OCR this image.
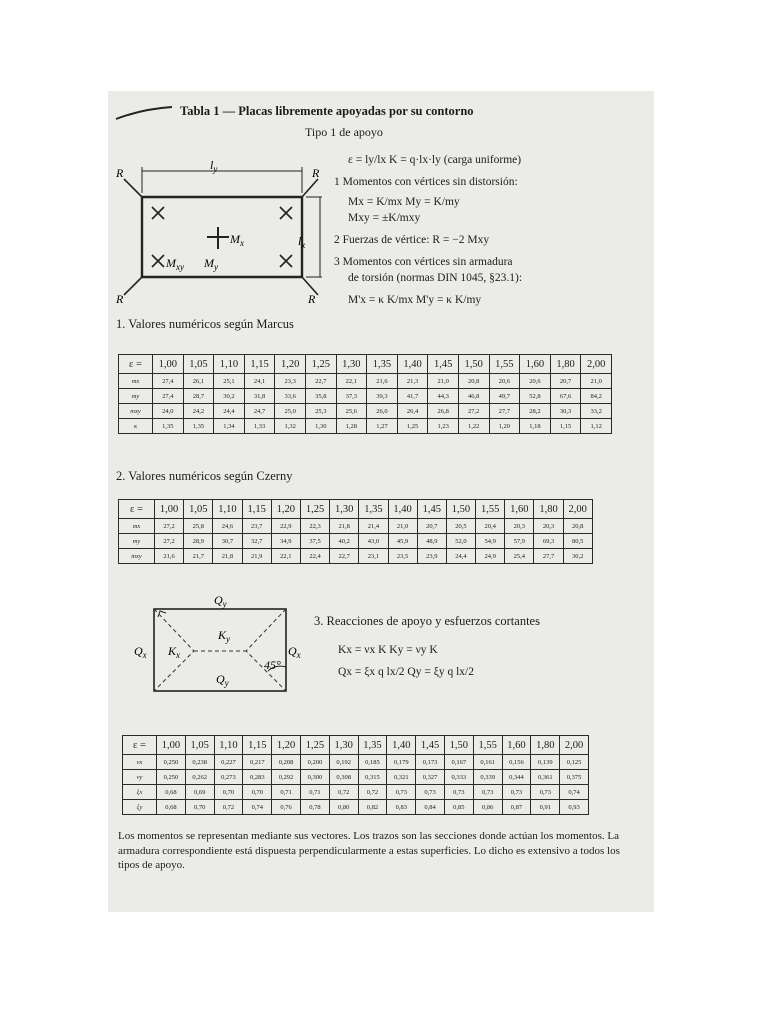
Tabla 1 — Placas libremente apoyadas por su contorno
Tipo 1 de apoyo
R	R
R	R
$l_y$
$l_x$
$M_x$
$M_{xy}$ $M_y$
ε = ly/lx K = q·lx·ly (carga uniforme)
1 Momentos con vértices sin distorsión:
Mx = K/mx My = K/my
Mxy = ±K/mxy
2 Fuerzas de vértice: R = −2 Mxy
3 Momentos con vértices sin armadura
de torsión (normas DIN 1045, §23.1):
M'x = κ K/mx M'y = κ K/my
1. Valores numéricos según Marcus
ε =	1,00	1,05	1,10	1,15	1,20	1,25	1,30	1,35	1,40	1,45	1,50	1,55	1,60	1,80	2,00
mx	27,4	26,1	25,1	24,1	23,3	22,7	22,1	21,6	21,3	21,0	20,8	20,6	20,6	20,7	21,0
my	27,4	28,7	30,2	31,8	33,6	35,8	37,3	39,3	41,7	44,3	46,8	49,7	52,8	67,6	84,2
mxy	24,0	24,2	24,4	24,7	25,0	25,3	25,6	26,0	26,4	26,8	27,2	27,7	28,2	30,3	33,2
κ	1,35	1,35	1,34	1,33	1,32	1,30	1,28	1,27	1,25	1,23	1,22	1,20	1,18	1,15	1,12
2. Valores numéricos según Czerny
ε =	1,00	1,05	1,10	1,15	1,20	1,25	1,30	1,35	1,40	1,45	1,50	1,55	1,60	1,80	2,00
mx	27,2	25,8	24,6	23,7	22,9	22,3	21,8	21,4	21,0	20,7	20,5	20,4	20,3	20,3	20,8
my	27,2	28,9	30,7	32,7	34,9	37,5	40,2	43,0	45,9	48,9	52,0	54,9	57,9	69,3	80,5
mxy	21,6	21,7	21,8	21,9	22,1	22,4	22,7	23,1	23,5	23,9	24,4	24,9	25,4	27,7	30,2
$Q_y$
$Q_y$
$Q_x$	$Q_x$
$K_x$
$K_y$
45°
3. Reacciones de apoyo y esfuerzos cortantes
Kx = νx K Ky = νy K
Qx = ξx q lx/2 Qy = ξy q lx/2
ε =	1,00	1,05	1,10	1,15	1,20	1,25	1,30	1,35	1,40	1,45	1,50	1,55	1,60	1,80	2,00
νx	0,250	0,238	0,227	0,217	0,208	0,200	0,192	0,185	0,179	0,173	0,167	0,161	0,156	0,139	0,125
νy	0,250	0,262	0,273	0,283	0,292	0,300	0,308	0,315	0,321	0,327	0,333	0,339	0,344	0,361	0,375
ξx	0,68	0,69	0,70	0,70	0,71	0,71	0,72	0,72	0,73	0,73	0,73	0,73	0,73	0,73	0,74
ξy	0,68	0,70	0,72	0,74	0,76	0,78	0,80	0,82	0,83	0,84	0,85	0,86	0,87	0,91	0,93
Los momentos se representan mediante sus vectores. Los trazos son las secciones donde actúan los momentos. La armadura correspondiente está dispuesta perpendicularmente a estas superficies. Lo dicho es extensivo a todos los tipos de apoyo.
